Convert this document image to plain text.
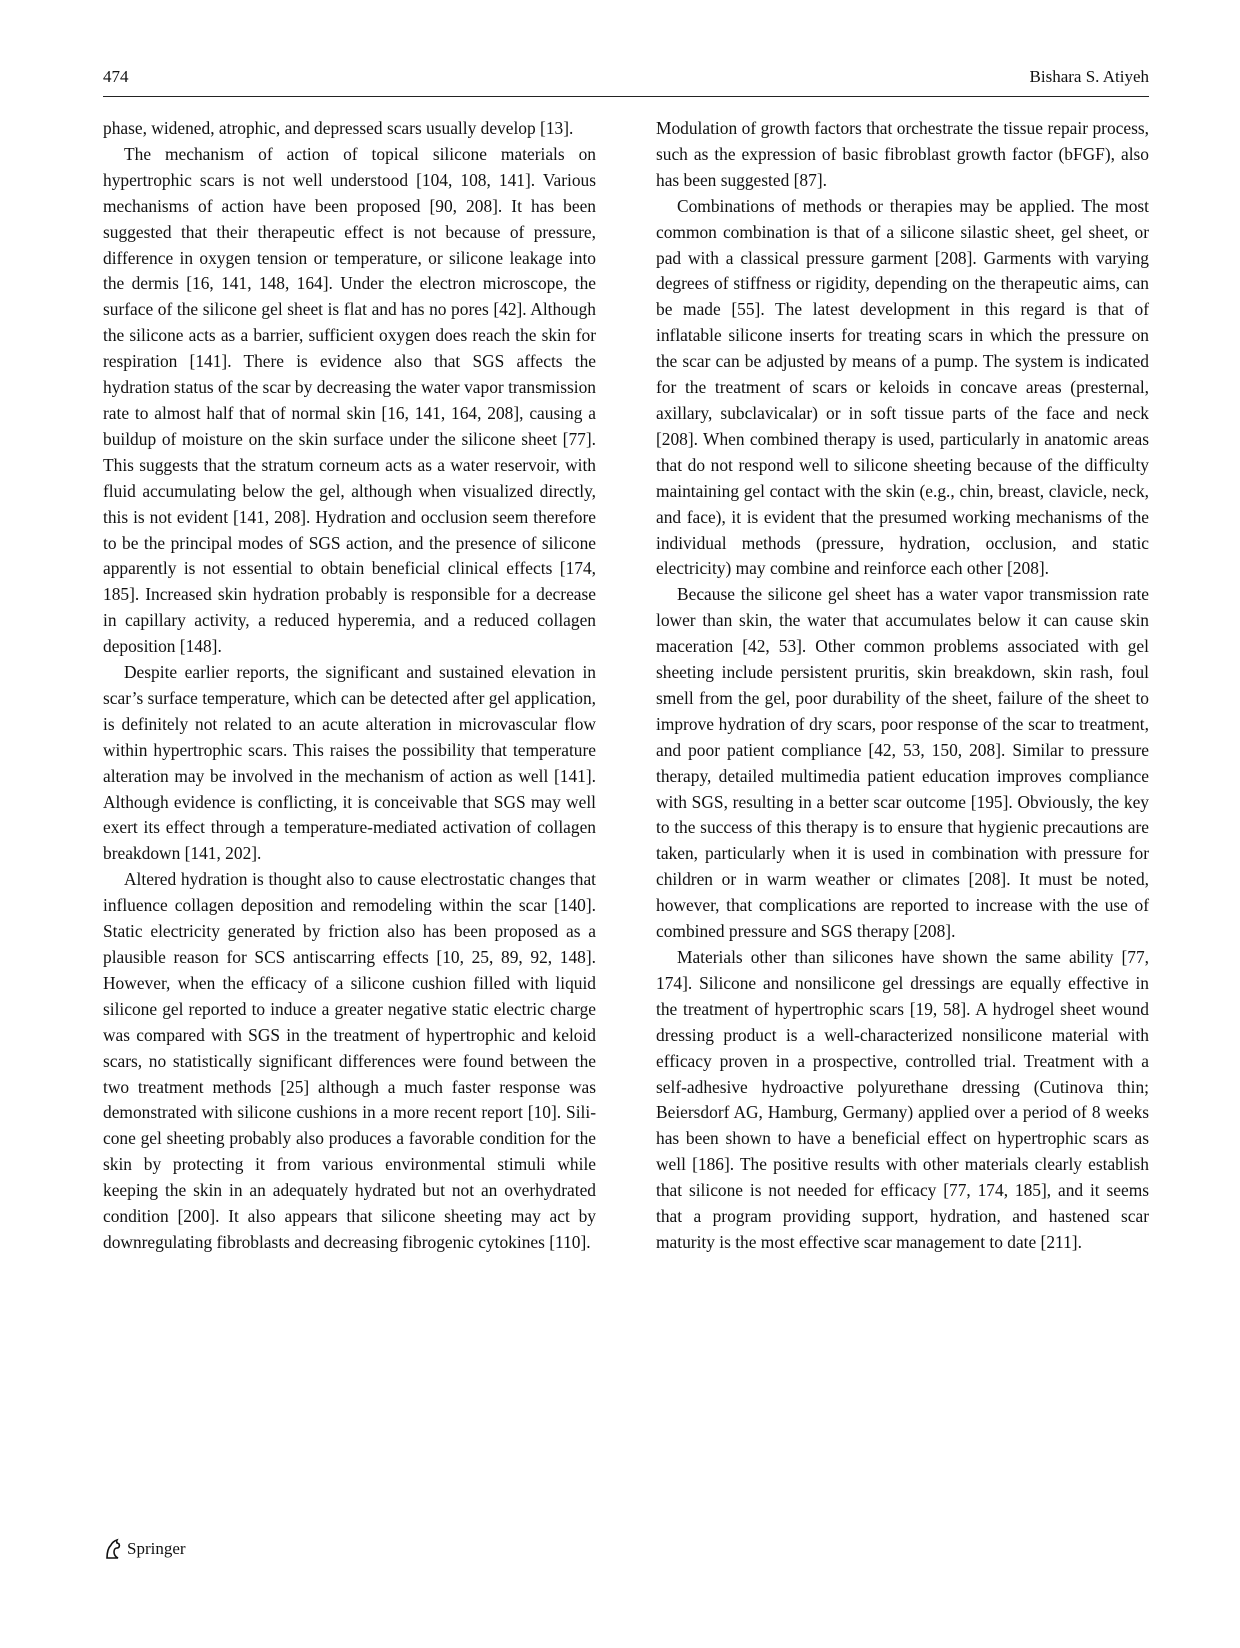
474	Bishara S. Atiyeh

phase, widened, atrophic, and depressed scars usually develop [13].

The mechanism of action of topical silicone materials on hypertrophic scars is not well understood [104, 108, 141]. Various mechanisms of action have been proposed [90, 208]. It has been suggested that their therapeutic effect is not because of pressure, difference in oxygen tension or temperature, or silicone leakage into the dermis [16, 141, 148, 164]. Under the electron microscope, the surface of the silicone gel sheet is flat and has no pores [42]. Although the silicone acts as a barrier, sufficient oxygen does reach the skin for respiration [141]. There is evidence also that SGS affects the hydration status of the scar by decreasing the water vapor transmission rate to almost half that of normal skin [16, 141, 164, 208], causing a buildup of moisture on the skin surface under the silicone sheet [77]. This suggests that the stratum corneum acts as a water reservoir, with fluid accumulating below the gel, although when visualized directly, this is not evident [141, 208]. Hydration and occlusion seem therefore to be the principal modes of SGS action, and the presence of silicone apparently is not essential to obtain beneficial clinical effects [174, 185]. Increased skin hydration probably is responsible for a decrease in capillary activity, a reduced hyperemia, and a reduced collagen deposition [148].

Despite earlier reports, the significant and sustained elevation in scar’s surface temperature, which can be detected after gel application, is definitely not related to an acute alteration in microvascular flow within hypertrophic scars. This raises the possibility that temperature alteration may be involved in the mechanism of action as well [141]. Although evidence is conflicting, it is conceivable that SGS may well exert its effect through a temperature-mediated activation of collagen breakdown [141, 202].

Altered hydration is thought also to cause electrostatic changes that influence collagen deposition and remodeling within the scar [140]. Static electricity generated by friction also has been proposed as a plausible reason for SCS antiscarring effects [10, 25, 89, 92, 148]. However, when the efficacy of a silicone cushion filled with liquid silicone gel reported to induce a greater negative static electric charge was compared with SGS in the treatment of hypertrophic and keloid scars, no statistically significant differences were found between the two treatment methods [25] although a much faster response was demonstrated with silicone cushions in a more recent report [10]. Silicone gel sheeting probably also produces a favorable condition for the skin by protecting it from various environmental stimuli while keeping the skin in an adequately hydrated but not an overhydrated condition [200]. It also appears that silicone sheeting may act by downregulating fibroblasts and decreasing fibrogenic cytokines [110].

Modulation of growth factors that orchestrate the tissue repair process, such as the expression of basic fibroblast growth factor (bFGF), also has been suggested [87].

Combinations of methods or therapies may be applied. The most common combination is that of a silicone silastic sheet, gel sheet, or pad with a classical pressure garment [208]. Garments with varying degrees of stiffness or rigidity, depending on the therapeutic aims, can be made [55]. The latest development in this regard is that of inflatable silicone inserts for treating scars in which the pressure on the scar can be adjusted by means of a pump. The system is indicated for the treatment of scars or keloids in concave areas (presternal, axillary, subclavicalar) or in soft tissue parts of the face and neck [208]. When combined therapy is used, particularly in anatomic areas that do not respond well to silicone sheeting because of the difficulty maintaining gel contact with the skin (e.g., chin, breast, clavicle, neck, and face), it is evident that the presumed working mechanisms of the individual methods (pressure, hydration, occlusion, and static electricity) may combine and reinforce each other [208].

Because the silicone gel sheet has a water vapor transmission rate lower than skin, the water that accumulates below it can cause skin maceration [42, 53]. Other common problems associated with gel sheeting include persistent pruritis, skin breakdown, skin rash, foul smell from the gel, poor durability of the sheet, failure of the sheet to improve hydration of dry scars, poor response of the scar to treatment, and poor patient compliance [42, 53, 150, 208]. Similar to pressure therapy, detailed multimedia patient education improves compliance with SGS, resulting in a better scar outcome [195]. Obviously, the key to the success of this therapy is to ensure that hygienic precautions are taken, particularly when it is used in combination with pressure for children or in warm weather or climates [208]. It must be noted, however, that complications are reported to increase with the use of combined pressure and SGS therapy [208].

Materials other than silicones have shown the same ability [77, 174]. Silicone and nonsilicone gel dressings are equally effective in the treatment of hypertrophic scars [19, 58]. A hydrogel sheet wound dressing product is a well-characterized nonsilicone material with efficacy proven in a prospective, controlled trial. Treatment with a self-adhesive hydroactive polyurethane dressing (Cutinova thin; Beiersdorf AG, Hamburg, Germany) applied over a period of 8 weeks has been shown to have a beneficial effect on hypertrophic scars as well [186]. The positive results with other materials clearly establish that silicone is not needed for efficacy [77, 174, 185], and it seems that a program providing support, hydration, and hastened scar maturity is the most effective scar management to date [211].

Springer
